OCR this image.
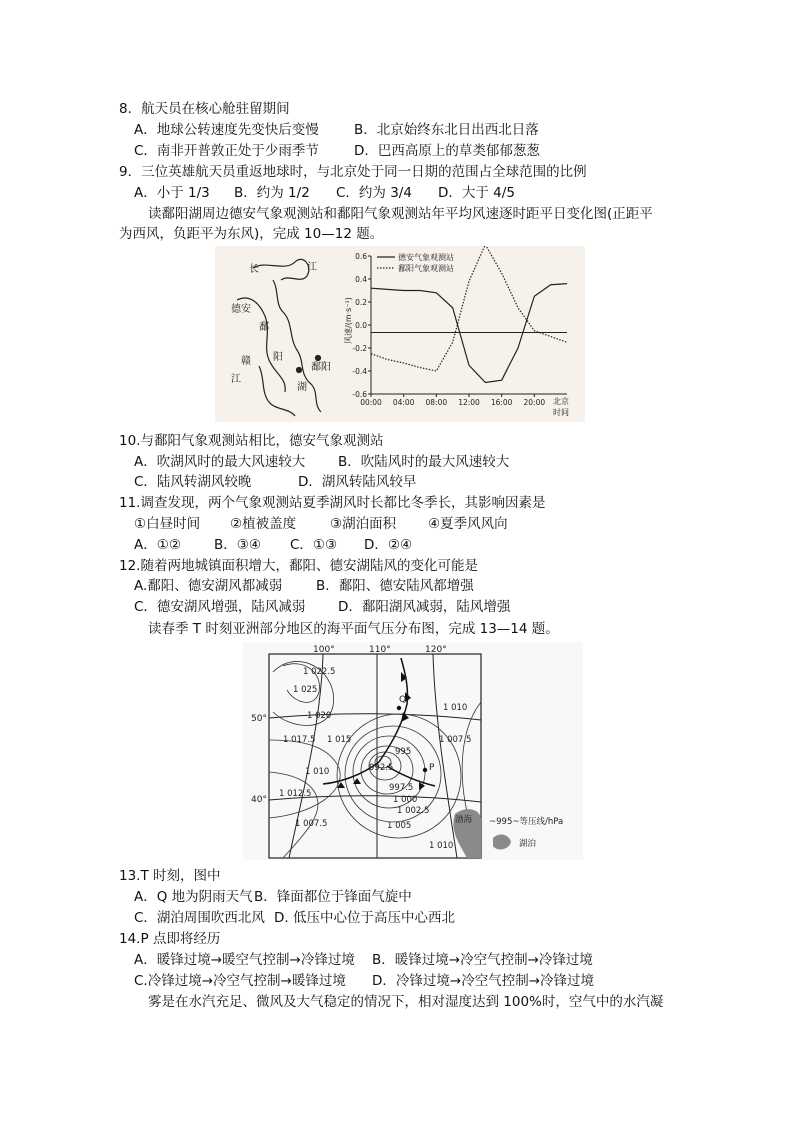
8．航天员在核心舱驻留期间
A．地球公转速度先变快后变慢	B．北京始终东北日出西北日落
C．南非开普敦正处于少雨季节	D．巴西高原上的草类郁郁葱葱
9．三位英雄航天员重返地球时，与北京处于同一日期的范围占全球范围的比例
A．小于 1/3 B．约为 1/2 C．约为 3/4 D．大于 4/5
读鄱阳湖周边德安气象观测站和鄱阳气象观测站年平均风速逐时距平日变化图(正距平
为西风，负距平为东风)，完成 10—12 题。
长	江
德安
鄱
阳
湖
赣
江
鄱阳
风速/(m·s⁻¹)
北京
时间
德安气象观测站
鄱阳气象观测站
0.6
0.4
0.2
0.0
-0.2
-0.4
-0.6
00:00 04:00 08:00 12:00 16:00 20:00
10.与鄱阳气象观测站相比，德安气象观测站
A．吹湖风时的最大风速较大 B．吹陆风时的最大风速较大
C．陆风转湖风较晚	D．湖风转陆风较早
11.调查发现，两个气象观测站夏季湖风时长都比冬季长，其影响因素是
①白昼时间 ②植被盖度	③湖泊面积 ④夏季风风向
A．①② B．③④ C．①③ D．②④
12.随着两地城镇面积增大，鄱阳、德安湖陆风的变化可能是
A.鄱阳、德安湖风都减弱 B．鄱阳、德安陆风都增强
C．德安湖风增强，陆风减弱 D．鄱阳湖风减弱，陆风增强
读春季 T 时刻亚洲部分地区的海平面气压分布图，完成 13—14 题。
100°	110°	120°
50°
40°
1 022.5
1 025
1 020
1 017.5 1 015
1 010
1 012.5
1 007.5
995
992.5
997.5
1 000
1 002.5
1 005
1 007.5
1 010
1 010
Q
P
渤海 ~995~等压线/hPa
湖泊
13.T 时刻，图中
A．Q 地为阴雨天气 B．锋面都位于锋面气旋中
C．湖泊周围吹西北风 D. 低压中心位于高压中心西北
14.P 点即将经历
A．暖锋过境→暖空气控制→冷锋过境 B．暖锋过境→冷空气控制→冷锋过境
C.冷锋过境→冷空气控制→暖锋过境 D．冷锋过境→冷空气控制→冷锋过境
雾是在水汽充足、微风及大气稳定的情况下，相对湿度达到 100%时，空气中的水汽凝
